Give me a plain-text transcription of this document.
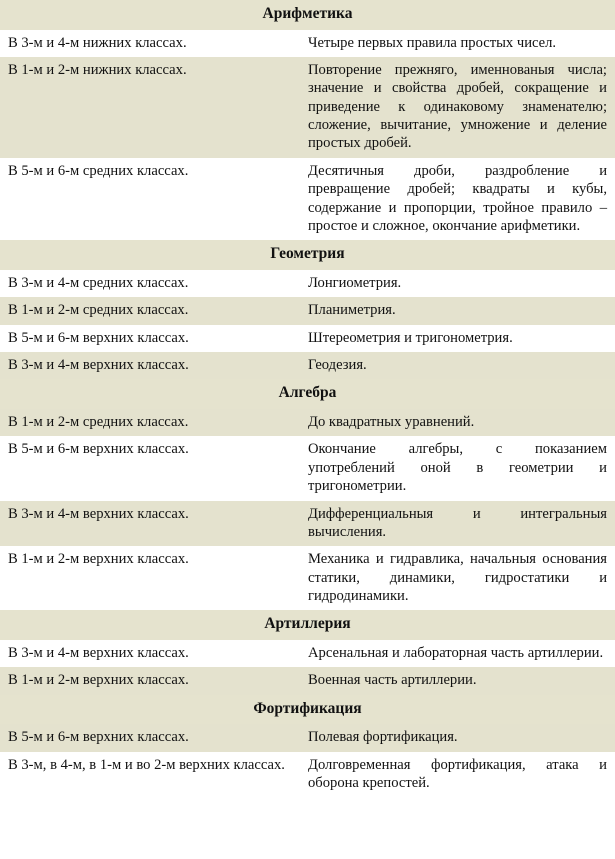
Арифметика	
В 3-м и 4-м нижних классах.	Четыре первых правила простых чисел.
В 1-м и 2-м нижних классах.	Повторение прежняго, именнованыя числа; значение и свойства дробей, сокращение и приведение к одинаковому знаменателю; сложение, вычитание, умножение и деление простых дробей.
В 5-м и 6-м средних классах.	Десятичныя дроби, раздробление и превращение дробей; квадраты и кубы, содержание и пропорции, тройное правило – простое и сложное, окончание арифметики.
Геометрия	
В 3-м и 4-м средних классах.	Лонгиометрия.
В 1-м и 2-м средних классах.	Планиметрия.
В 5-м и 6-м верхних классах.	Штереометрия и тригонометрия.
В 3-м и 4-м верхних классах.	Геодезия.
Алгебра	
В 1-м и 2-м средних классах.	До квадратных уравнений.
В 5-м и 6-м верхних классах.	Окончание алгебры, с показанием употреблений оной в геометрии и тригонометрии.
В 3-м и 4-м верхних классах.	Дифференциальныя и интегральныя вычисления.
В 1-м и 2-м верхних классах.	Механика и гидравлика, начальныя основания статики, динамики, гидростатики и гидродинамики.
Артиллерия	
В 3-м и 4-м верхних классах.	Арсенальная и лабораторная часть артиллерии.
В 1-м и 2-м верхних классах.	Военная часть артиллерии.
Фортификация	
В 5-м и 6-м верхних классах.	Полевая фортификация.
В 3-м, в 4-м, в 1-м и во 2-м верхних классах.	Долговременная фортификация, атака и оборона крепостей.
